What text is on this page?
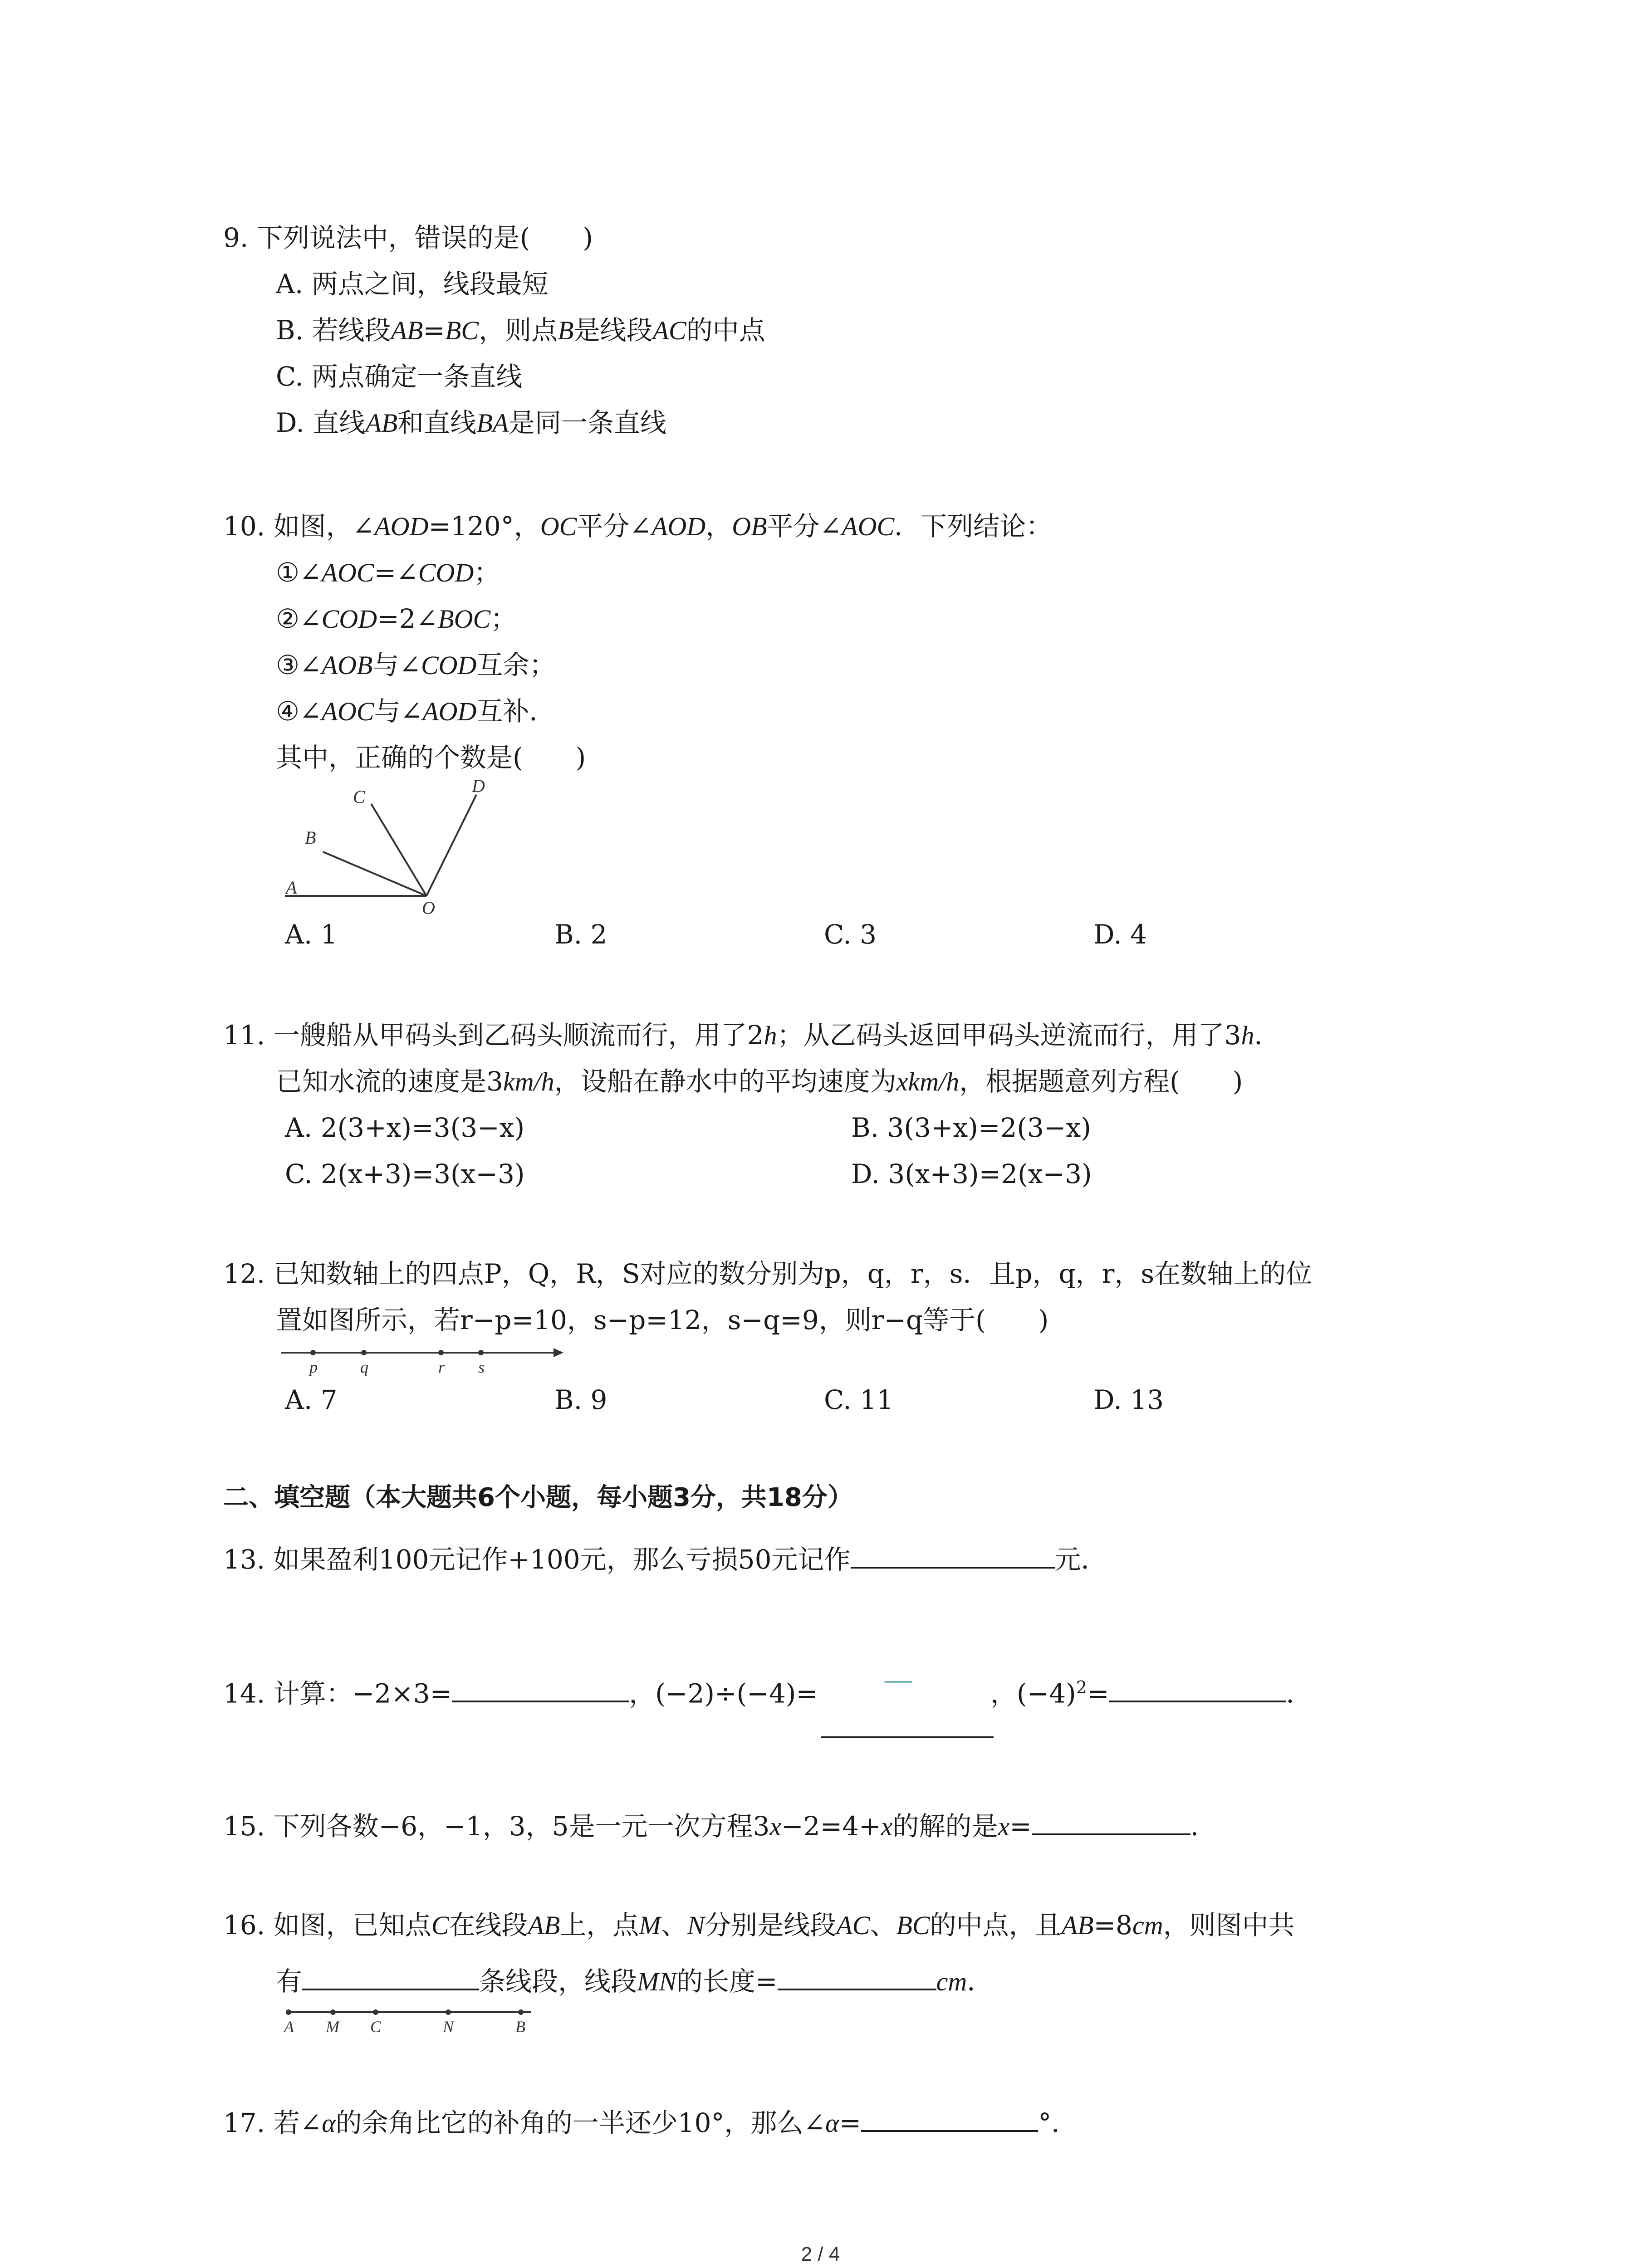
9. 下列说法中，错误的是(　　)
A. 两点之间，线段最短
B. 若线段AB=BC，则点B是线段AC的中点
C. 两点确定一条直线
D. 直线AB和直线BA是同一条直线
10. 如图，∠AOD=120°，OC平分∠AOD，OB平分∠AOC．下列结论：
①∠AOC=∠COD；
②∠COD=2∠BOC；
③∠AOB与∠COD互余；
④∠AOC与∠AOD互补．
其中，正确的个数是(　　)
C
D
B
A
O
A. 1	B. 2	C. 3	D. 4
11. 一艘船从甲码头到乙码头顺流而行，用了2h；从乙码头返回甲码头逆流而行，用了3h．
已知水流的速度是3km/h，设船在静水中的平均速度为xkm/h，根据题意列方程(　　)
A. 2(3+x)=3(3−x)	B. 3(3+x)=2(3−x)
C. 2(x+3)=3(x−3)	D. 3(x+3)=2(x−3)
12. 已知数轴上的四点P，Q，R，S对应的数分别为p，q，r，s．且p，q，r，s在数轴上的位
置如图所示，若r−p=10，s−p=12，s−q=9，则r−q等于(　　)
p	q	r s
A. 7	B. 9	C. 11	D. 13
二、填空题（本大题共6个小题，每小题3分，共18分）
13. 如果盈利100元记作+100元，那么亏损50元记作	元．
14. 计算：−2×3=	，(−2)÷(−4)=	，$(-4)^2=$	．
—
15. 下列各数−6，−1，3，5是一元一次方程3x−2=4+x的解的是x=	．
16. 如图，已知点C在线段AB上，点M、N分别是线段AC、BC的中点，且AB=8cm，则图中共
有	条线段，线段MN的长度=	cm．
A M C	N	B
17. 若∠α的余角比它的补角的一半还少10°，那么∠α=	°．
2 / 4
